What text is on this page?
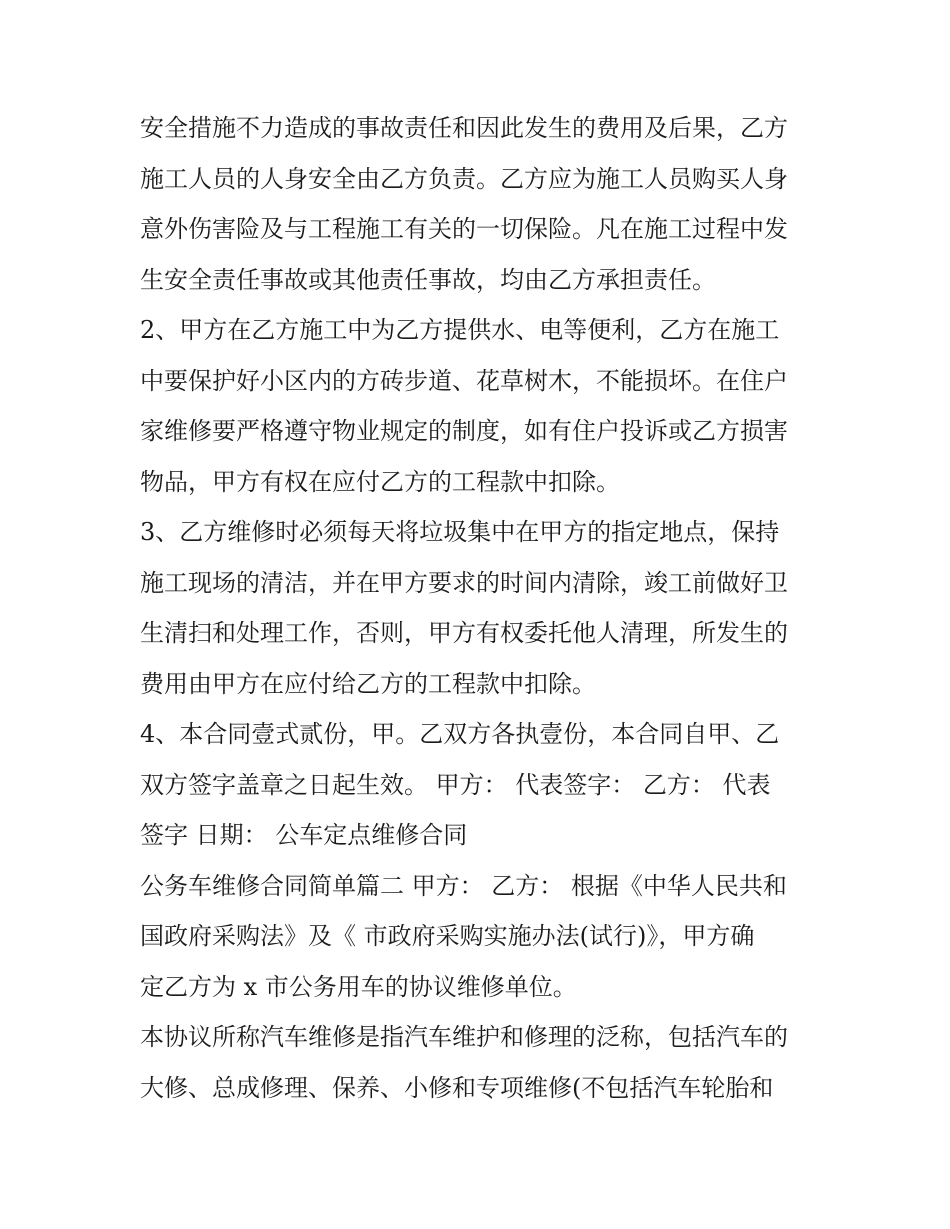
安全措施不力造成的事故责任和因此发生的费用及后果，乙方
施工人员的人身安全由乙方负责。乙方应为施工人员购买人身
意外伤害险及与工程施工有关的一切保险。凡在施工过程中发
生安全责任事故或其他责任事故，均由乙方承担责任。
2、甲方在乙方施工中为乙方提供水、电等便利，乙方在施工
中要保护好小区内的方砖步道、花草树木，不能损坏。在住户
家维修要严格遵守物业规定的制度，如有住户投诉或乙方损害
物品，甲方有权在应付乙方的工程款中扣除。
3、乙方维修时必须每天将垃圾集中在甲方的指定地点，保持
施工现场的清洁，并在甲方要求的时间内清除，竣工前做好卫
生清扫和处理工作，否则，甲方有权委托他人清理，所发生的
费用由甲方在应付给乙方的工程款中扣除。
4、本合同壹式贰份，甲。乙双方各执壹份，本合同自甲、乙
双方签字盖章之日起生效。 甲方： 代表签字： 乙方： 代表
签字 日期： 公车定点维修合同
公务车维修合同简单篇二 甲方： 乙方： 根据《中华人民共和
国政府采购法》及《 市政府采购实施办法(试行)》，甲方确
定乙方为 x 市公务用车的协议维修单位。
本协议所称汽车维修是指汽车维护和修理的泛称，包括汽车的
大修、总成修理、保养、小修和专项维修(不包括汽车轮胎和
